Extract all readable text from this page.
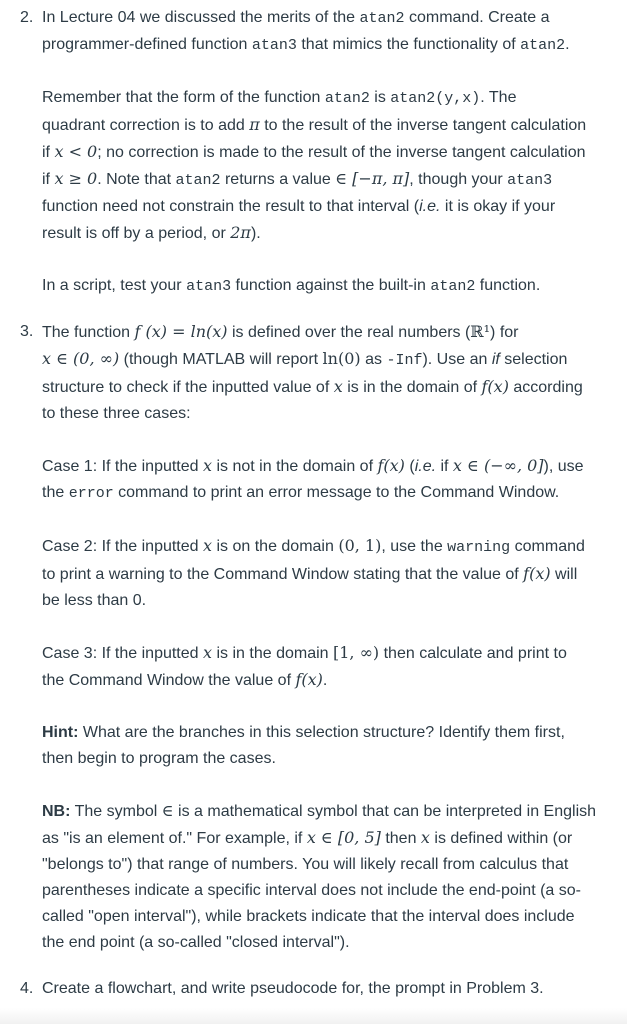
2. In Lecture 04 we discussed the merits of the atan2 command. Create a
programmer-defined function atan3 that mimics the functionality of atan2.

Remember that the form of the function atan2 is atan2(y,x). The
quadrant correction is to add π to the result of the inverse tangent calculation
if x < 0; no correction is made to the result of the inverse tangent calculation
if x ≥ 0. Note that atan2 returns a value ∈ [−π, π], though your atan3
function need not constrain the result to that interval (i.e. it is okay if your
result is off by a period, or 2π).

In a script, test your atan3 function against the built-in atan2 function.

3. The function f (x) = ln(x) is defined over the real numbers (ℝ¹) for
x ∈ (0, ∞) (though MATLAB will report ln(0) as -Inf). Use an if selection
structure to check if the inputted value of x is in the domain of f(x) according
to these three cases:

Case 1: If the inputted x is not in the domain of f(x) (i.e. if x ∈ (−∞, 0]), use
the error command to print an error message to the Command Window.

Case 2: If the inputted x is on the domain (0, 1), use the warning command
to print a warning to the Command Window stating that the value of f(x) will
be less than 0.

Case 3: If the inputted x is in the domain [1, ∞) then calculate and print to
the Command Window the value of f(x).

Hint: What are the branches in this selection structure? Identify them first,
then begin to program the cases.

NB: The symbol ∈ is a mathematical symbol that can be interpreted in English
as "is an element of." For example, if x ∈ [0, 5] then x is defined within (or
"belongs to") that range of numbers. You will likely recall from calculus that
parentheses indicate a specific interval does not include the end-point (a so-
called "open interval"), while brackets indicate that the interval does include
the end point (a so-called "closed interval").

4. Create a flowchart, and write pseudocode for, the prompt in Problem 3.
